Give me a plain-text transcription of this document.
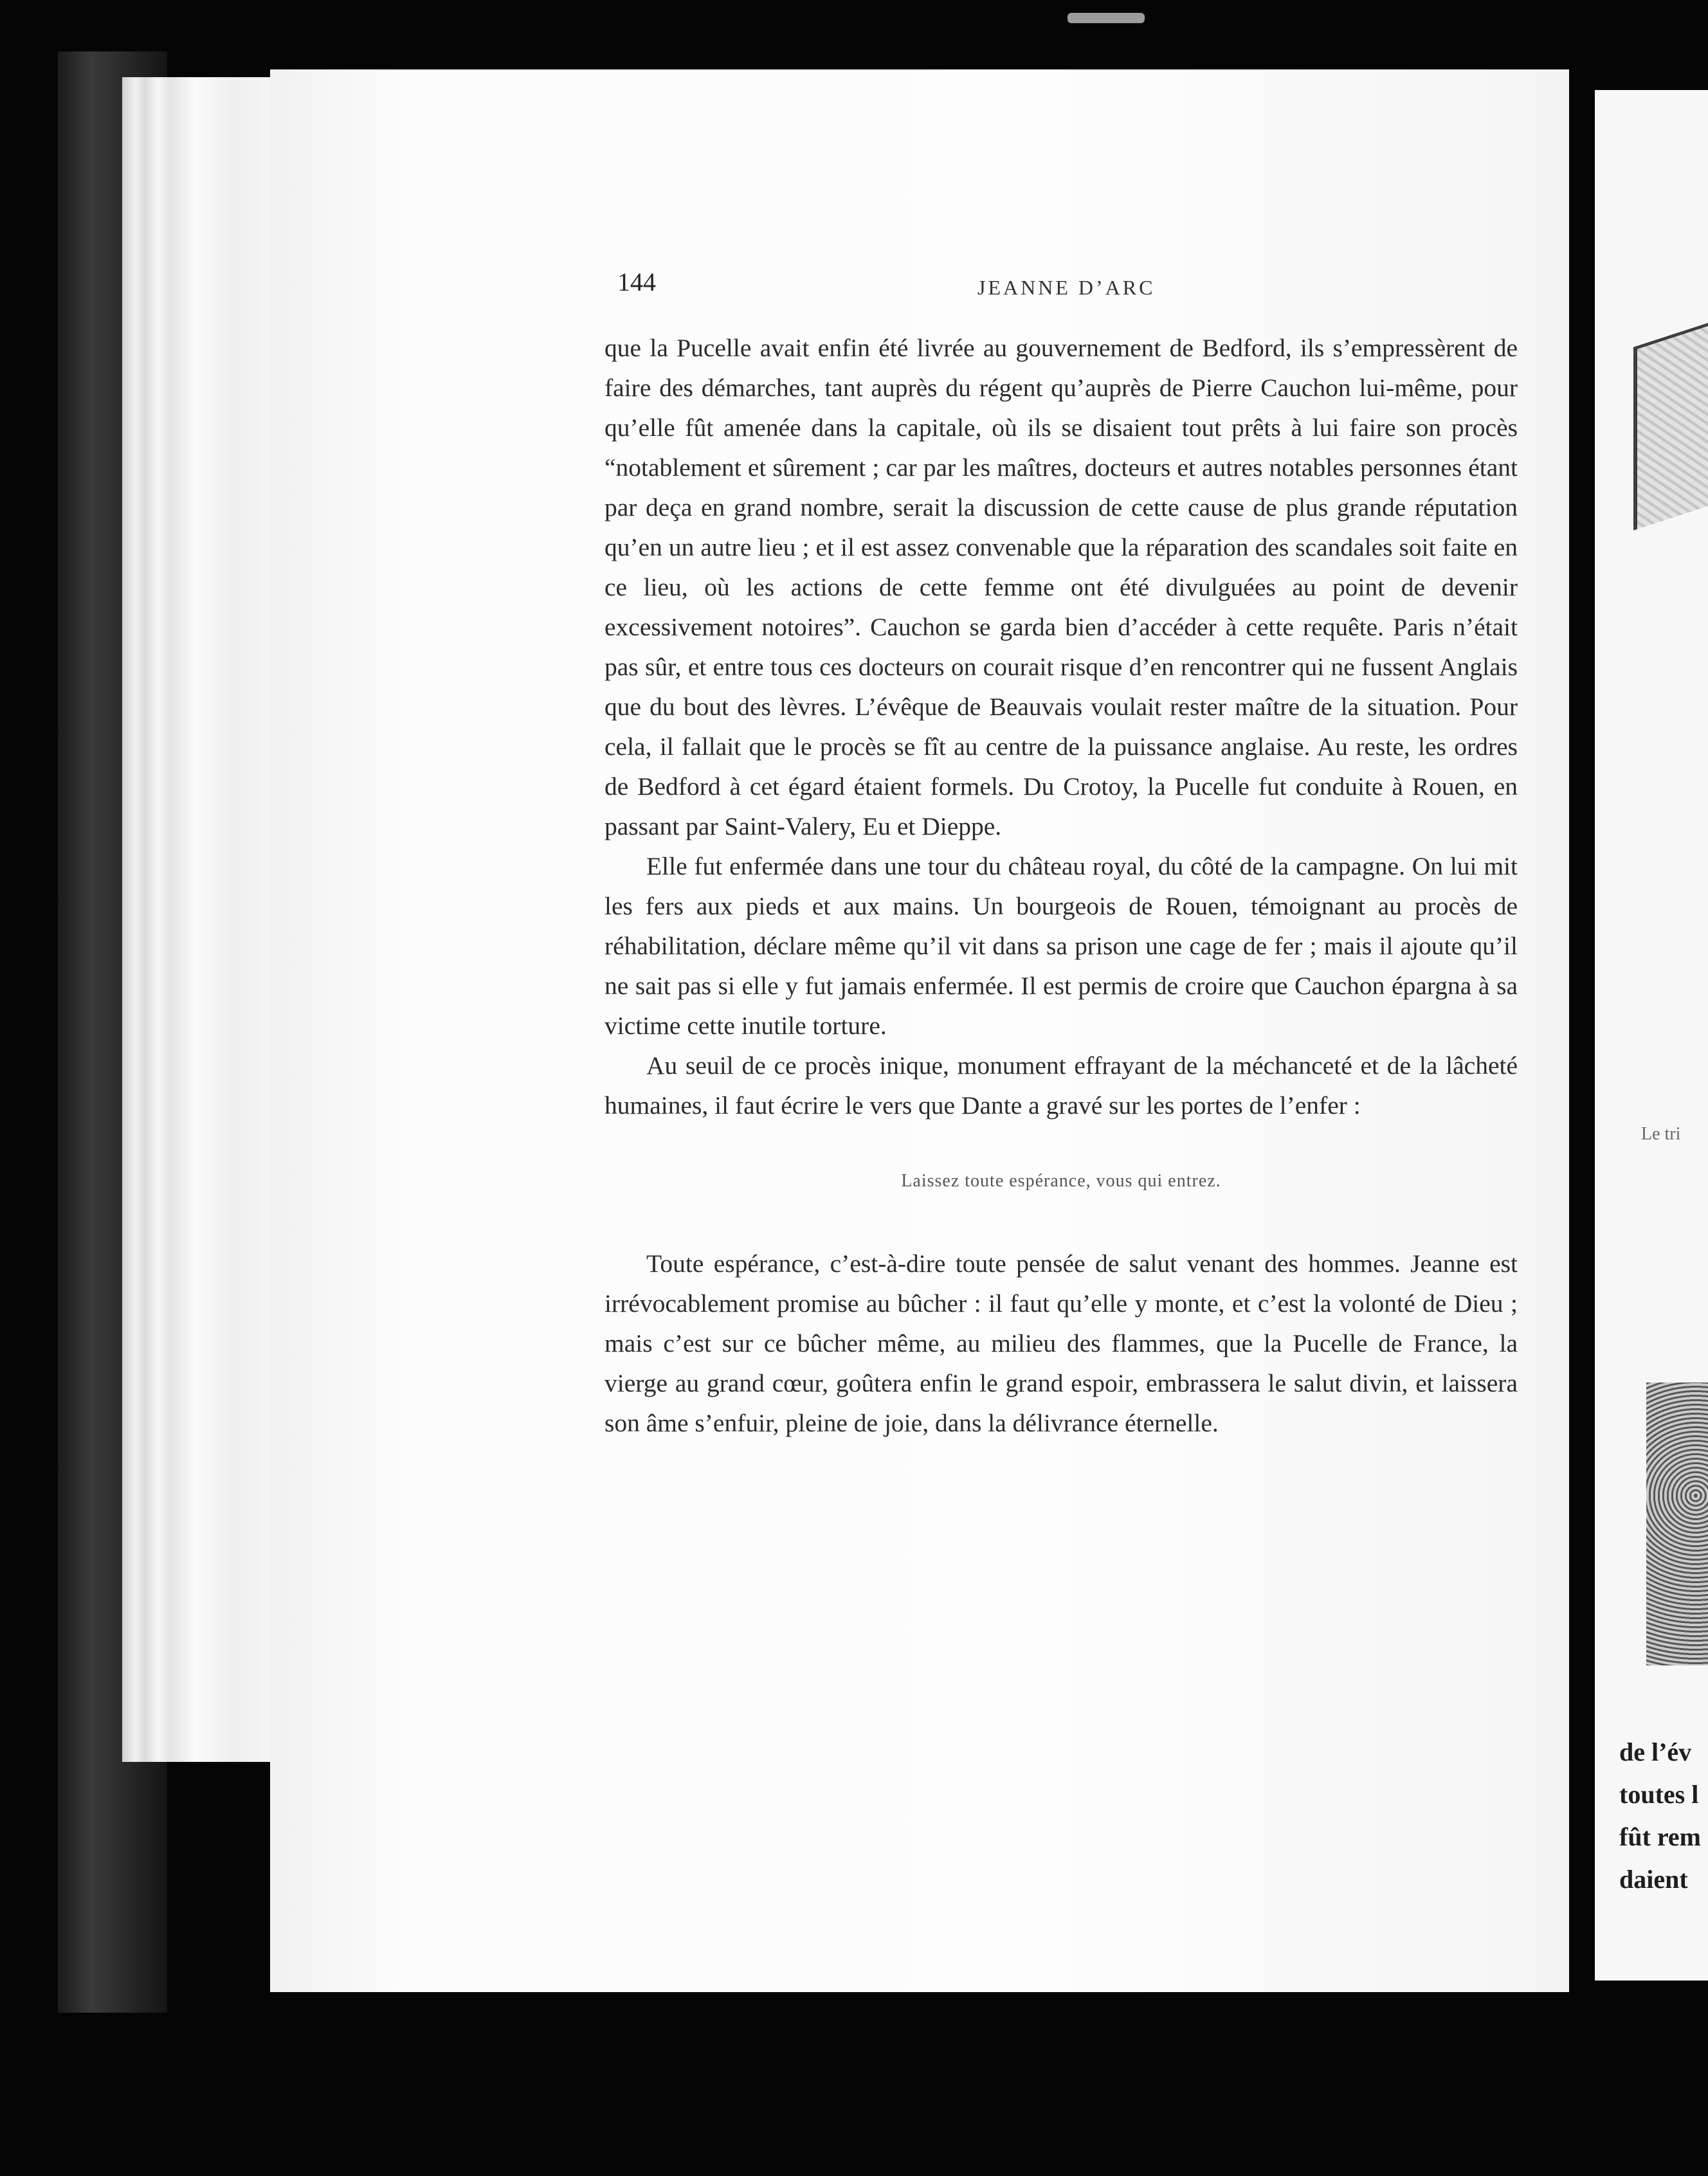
144	JEANNE D’ARC

que la Pucelle avait enfin été livrée au gouvernement de Bedford, ils s’empressèrent de faire des démarches, tant auprès du régent qu’auprès de Pierre Cauchon lui-même, pour qu’elle fût amenée dans la capitale, où ils se disaient tout prêts à lui faire son procès “notablement et sûrement ; car par les maîtres, docteurs et autres notables personnes étant par deça en grand nombre, serait la discussion de cette cause de plus grande réputation qu’en un autre lieu ; et il est assez convenable que la réparation des scandales soit faite en ce lieu, où les actions de cette femme ont été divulguées au point de devenir excessivement notoires”. Cauchon se garda bien d’accéder à cette requête. Paris n’était pas sûr, et entre tous ces docteurs on courait risque d’en rencontrer qui ne fussent Anglais que du bout des lèvres. L’évêque de Beauvais voulait rester maître de la situation. Pour cela, il fallait que le procès se fît au centre de la puissance anglaise. Au reste, les ordres de Bedford à cet égard étaient formels. Du Crotoy, la Pucelle fut conduite à Rouen, en passant par Saint-Valery, Eu et Dieppe.

Elle fut enfermée dans une tour du château royal, du côté de la campagne. On lui mit les fers aux pieds et aux mains. Un bourgeois de Rouen, témoignant au procès de réhabilitation, déclare même qu’il vit dans sa prison une cage de fer ; mais il ajoute qu’il ne sait pas si elle y fut jamais enfermée. Il est permis de croire que Cauchon épargna à sa victime cette inutile torture.

Au seuil de ce procès inique, monument effrayant de la méchanceté et de la lâcheté humaines, il faut écrire le vers que Dante a gravé sur les portes de l’enfer :

Laissez toute espérance, vous qui entrez.

Toute espérance, c’est-à-dire toute pensée de salut venant des hommes. Jeanne est irrévocablement promise au bûcher : il faut qu’elle y monte, et c’est la volonté de Dieu ; mais c’est sur ce bûcher même, au milieu des flammes, que la Pucelle de France, la vierge au grand cœur, goûtera enfin le grand espoir, embrassera le salut divin, et laissera son âme s’enfuir, pleine de joie, dans la délivrance éternelle.

Le tri
de l’év
toutes l
fût rem
daient
